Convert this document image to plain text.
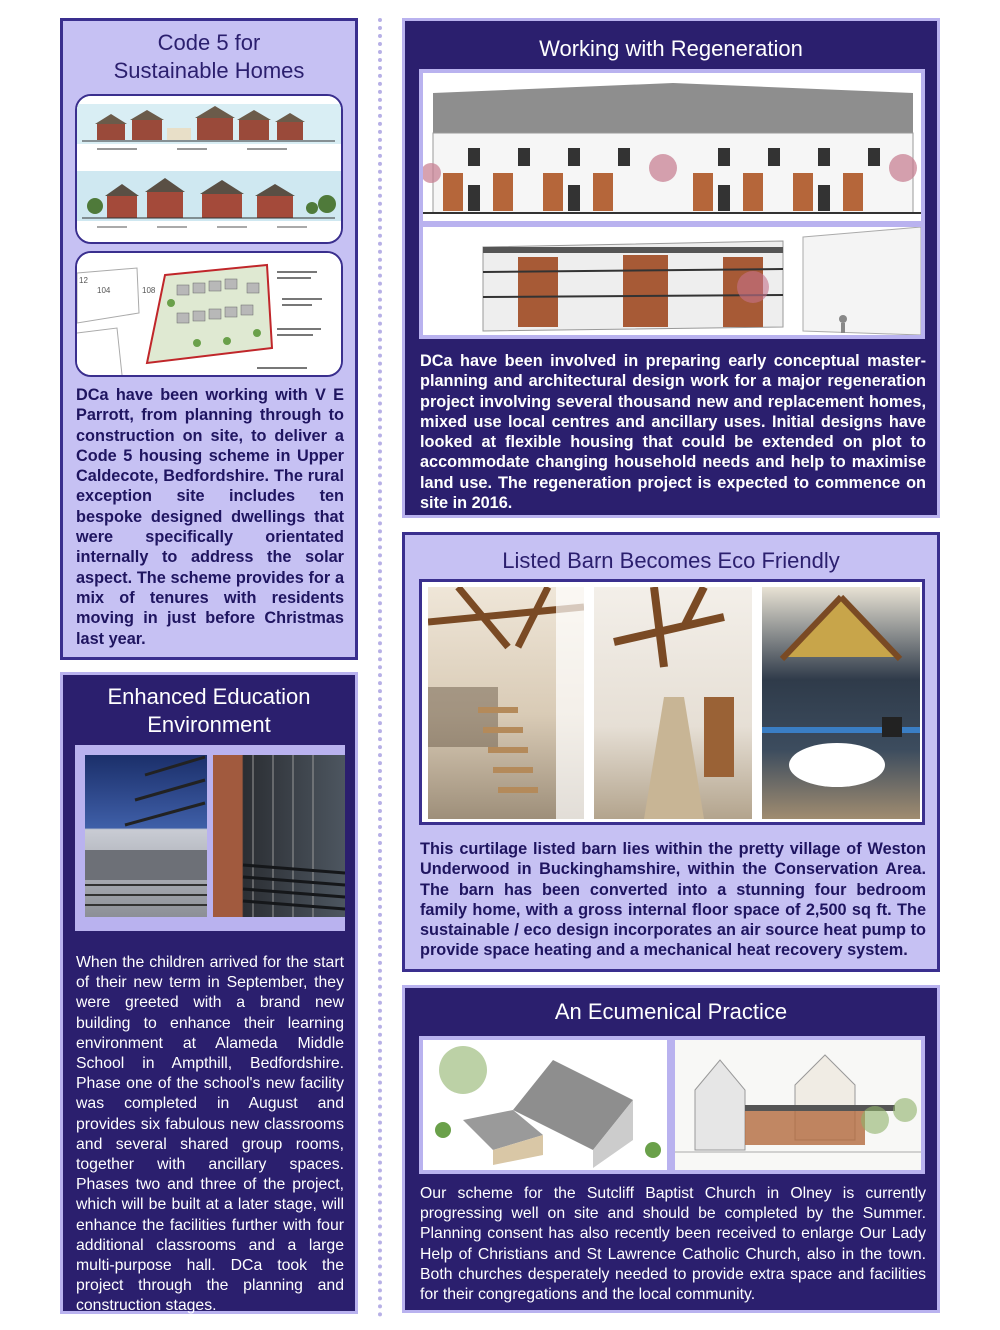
Code 5 for
Sustainable Homes
104	108
12
DCa have been working with V E Parrott, from planning through to construction on site, to deliver a Code 5 housing scheme in Upper Caldecote, Bedfordshire. The rural exception site includes ten bespoke designed dwellings that were specifically orientated internally to address the solar aspect. The scheme provides for a mix of tenures with residents moving in just before Christmas last year.
Enhanced Education
Environment
When the children arrived for the start of their new term in September, they were greeted with a brand new building to enhance their learning environment at Alameda Middle School in Ampthill, Bedfordshire. Phase one of the school's new facility was completed in August and provides six fabulous new classrooms and several shared group rooms, together with ancillary spaces. Phases two and three of the project, which will be built at a later stage, will enhance the facilities further with four additional classrooms and a large multi-purpose hall. DCa took the project through the planning and construction stages.
Working with Regeneration
DCa have been involved in preparing early conceptual master-planning and architectural design work for a major regeneration project involving several thousand new and replacement homes, mixed use local centres and ancillary uses. Initial designs have looked at flexible housing that could be extended on plot to accommodate changing household needs and help to maximise land use. The regeneration project is expected to commence on site in 2016.
Listed Barn Becomes Eco Friendly
This curtilage listed barn lies within the pretty village of Weston Underwood in Buckinghamshire, within the Conservation Area. The barn has been converted into a stunning four bedroom family home, with a gross internal floor space of 2,500 sq ft. The sustainable / eco design incorporates an air source heat pump to provide space heating and a mechanical heat recovery system.
An Ecumenical Practice
Our scheme for the Sutcliff Baptist Church in Olney is currently progressing well on site and should be completed by the Summer. Planning consent has also recently been received to enlarge Our Lady Help of Christians and St Lawrence Catholic Church, also in the town. Both churches desperately needed to provide extra space and facilities for their congregations and the local community.
